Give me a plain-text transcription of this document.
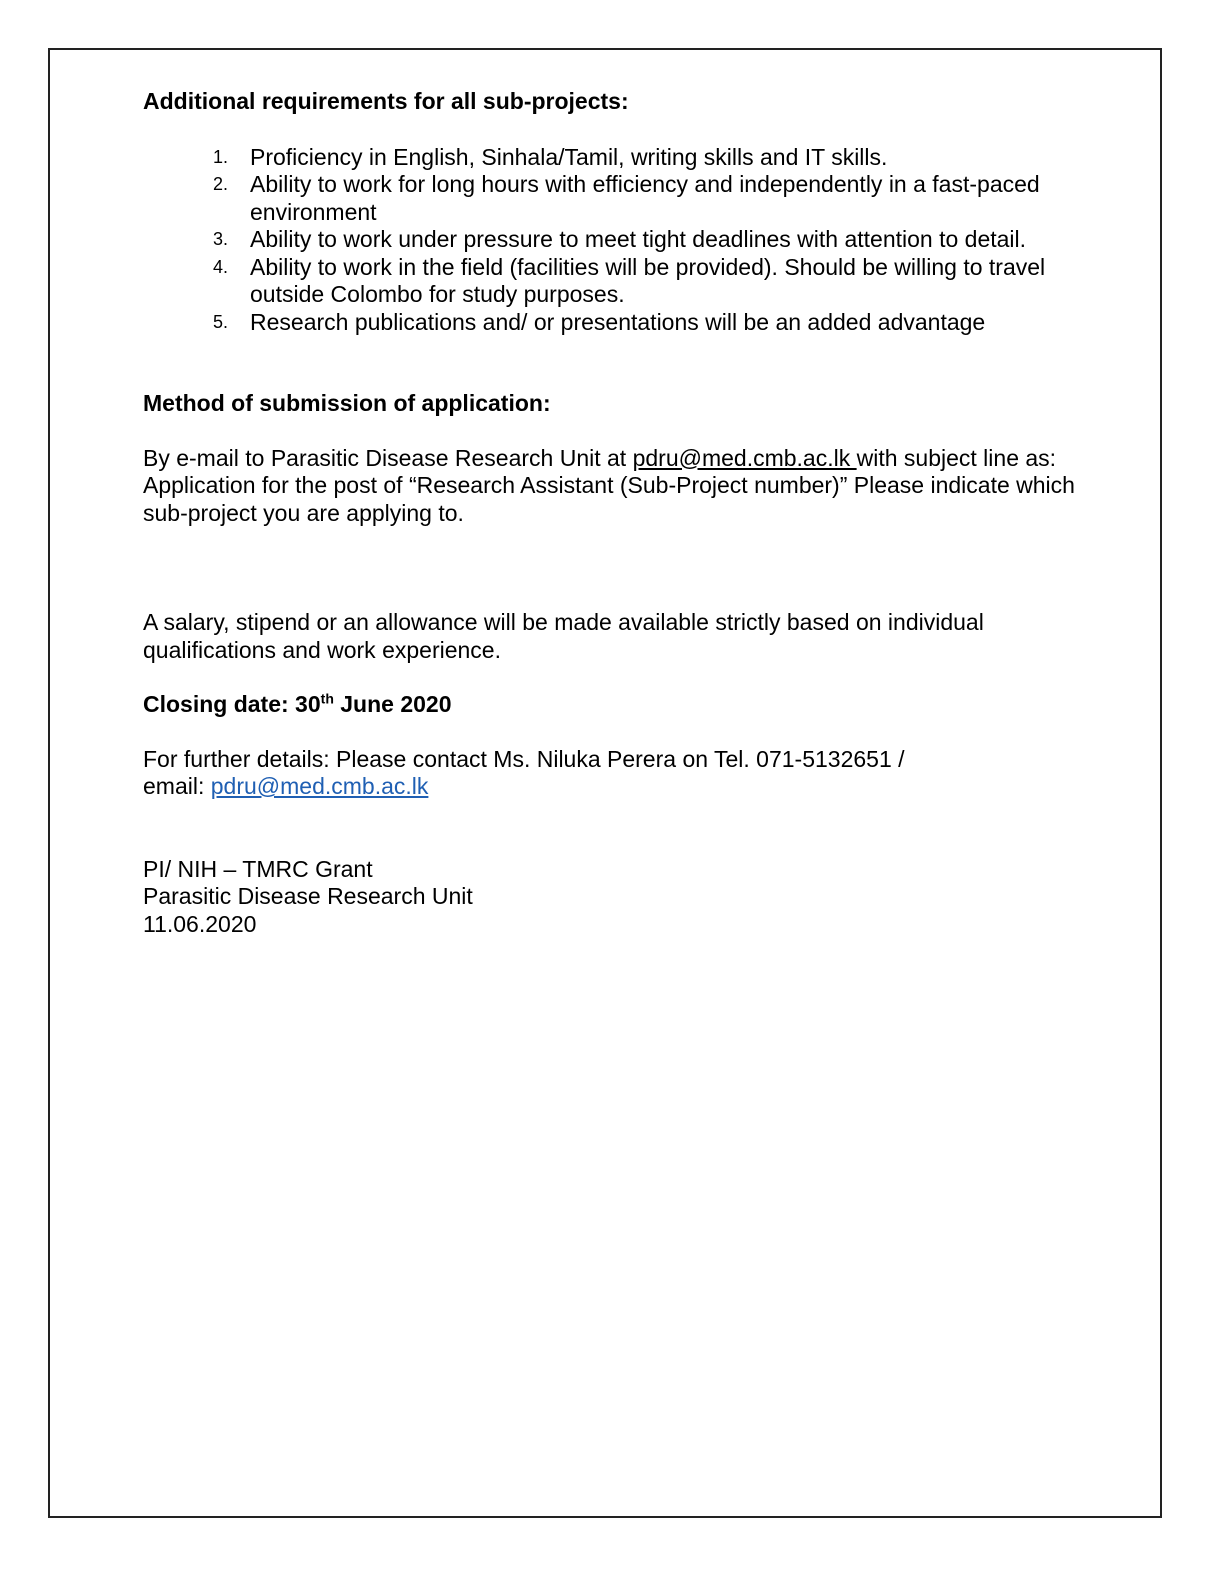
Additional requirements for all sub-projects:

1. Proficiency in English, Sinhala/Tamil, writing skills and IT skills.
2. Ability to work for long hours with efficiency and independently in a fast-paced environment
3. Ability to work under pressure to meet tight deadlines with attention to detail.
4. Ability to work in the field (facilities will be provided). Should be willing to travel outside Colombo for study purposes.
5. Research publications and/ or presentations will be an added advantage

Method of submission of application:

By e-mail to Parasitic Disease Research Unit at pdru@med.cmb.ac.lk with subject line as: Application for the post of “Research Assistant (Sub-Project number)” Please indicate which sub-project you are applying to.

A salary, stipend or an allowance will be made available strictly based on individual qualifications and work experience.

Closing date: 30th June 2020

For further details: Please contact Ms. Niluka Perera on Tel. 071-5132651 /
email: pdru@med.cmb.ac.lk

PI/ NIH – TMRC Grant
Parasitic Disease Research Unit
11.06.2020
